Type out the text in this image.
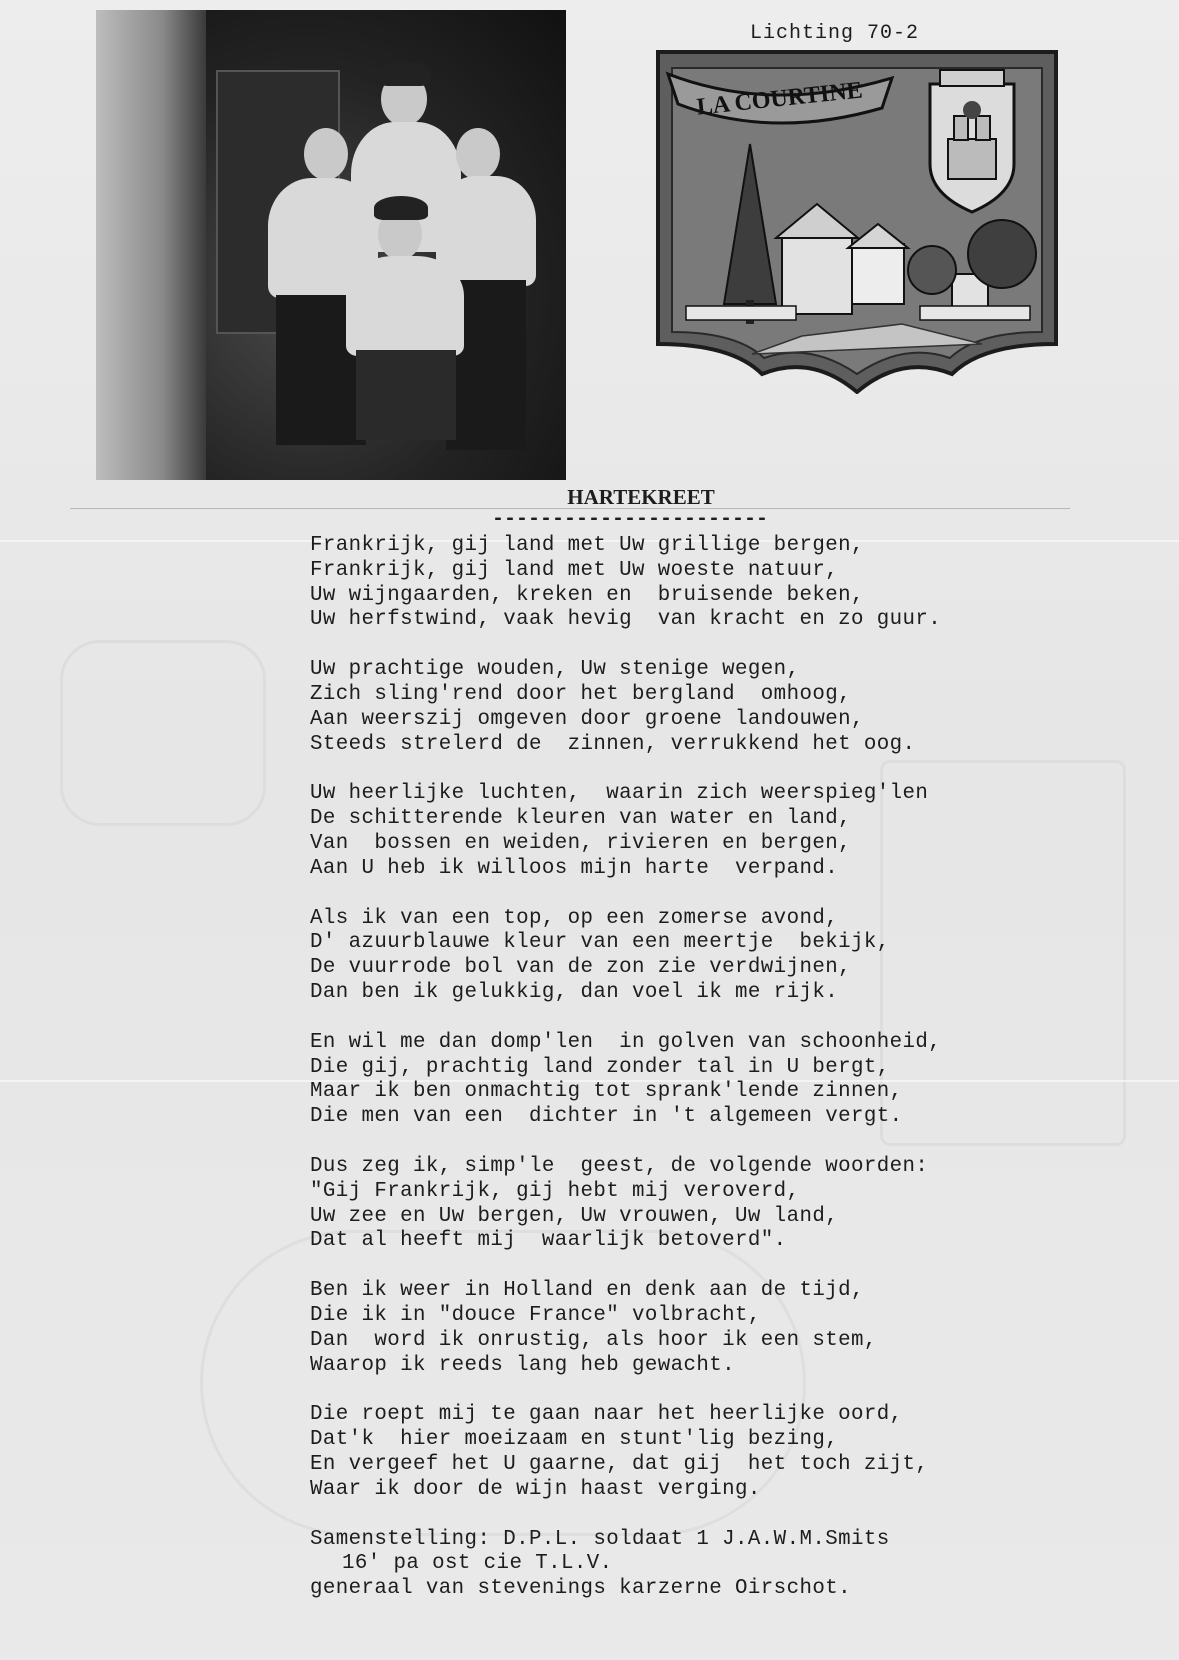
Lichting 70-2
LA COURTINE
HARTEKREET
-----------------------
Frankrijk, gij land met Uw grillige bergen,
Frankrijk, gij land met Uw woeste natuur,
Uw wijngaarden, kreken en  bruisende beken,
Uw herfstwind, vaak hevig  van kracht en zo guur.
Uw prachtige wouden, Uw stenige wegen,
Zich sling'rend door het bergland  omhoog,
Aan weerszij omgeven door groene landouwen,
Steeds strelerd de  zinnen, verrukkend het oog.
Uw heerlijke luchten,  waarin zich weerspieg'len
De schitterende kleuren van water en land,
Van  bossen en weiden, rivieren en bergen,
Aan U heb ik willoos mijn harte  verpand.
Als ik van een top, op een zomerse avond,
D' azuurblauwe kleur van een meertje  bekijk,
De vuurrode bol van de zon zie verdwijnen,
Dan ben ik gelukkig, dan voel ik me rijk.
En wil me dan domp'len  in golven van schoonheid,
Die gij, prachtig land zonder tal in U bergt,
Maar ik ben onmachtig tot sprank'lende zinnen,
Die men van een  dichter in 't algemeen vergt.
Dus zeg ik, simp'le  geest, de volgende woorden:
"Gij Frankrijk, gij hebt mij veroverd,
Uw zee en Uw bergen, Uw vrouwen, Uw land,
Dat al heeft mij  waarlijk betoverd".
Ben ik weer in Holland en denk aan de tijd,
Die ik in "douce France" volbracht,
Dan  word ik onrustig, als hoor ik een stem,
Waarop ik reeds lang heb gewacht.
Die roept mij te gaan naar het heerlijke oord,
Dat'k  hier moeizaam en stunt'lig bezing,
En vergeef het U gaarne, dat gij  het toch zijt,
Waar ik door de wijn haast verging.
Samenstelling: D.P.L. soldaat 1 J.A.W.M.Smits
16' pa ost cie T.L.V.
generaal van stevenings karzerne Oirschot.
